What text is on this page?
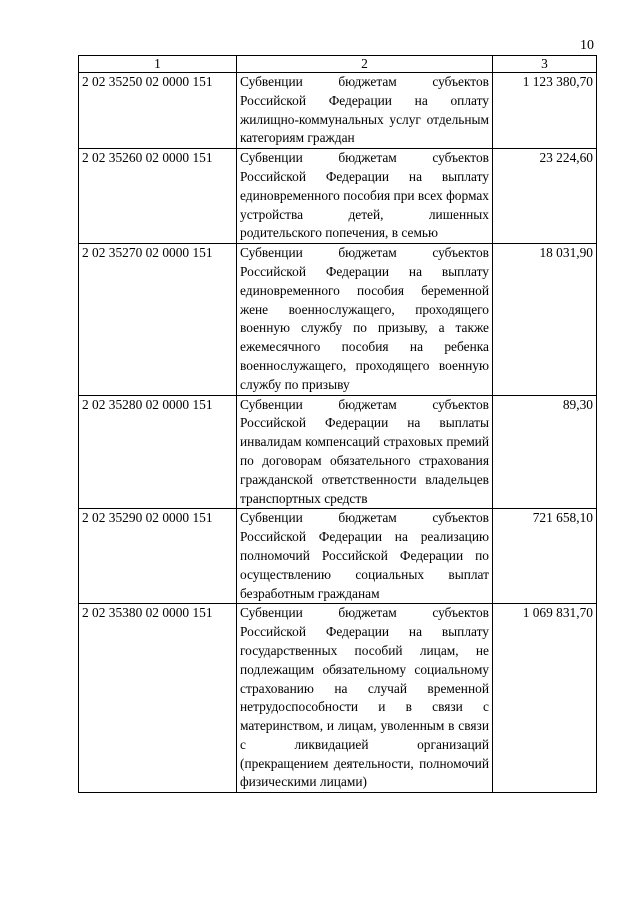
10
1	2	3
2 02 35250 02 0000 151	Субвенции бюджетам субъектов Российской Федерации на оплату жилищно-коммунальных услуг отдельным категориям граждан	1 123 380,70
2 02 35260 02 0000 151	Субвенции бюджетам субъектов Российской Федерации на выплату единовременного пособия при всех формах устройства детей, лишенных родительского попечения, в семью	23 224,60
2 02 35270 02 0000 151	Субвенции бюджетам субъектов Российской Федерации на выплату единовременного пособия беременной жене военнослужащего, проходящего военную службу по призыву, а также ежемесячного пособия на ребенка военнослужащего, проходящего военную службу по призыву	18 031,90
2 02 35280 02 0000 151	Субвенции бюджетам субъектов Российской Федерации на выплаты инвалидам компенсаций страховых премий по договорам обязательного страхования гражданской ответственности владельцев транспортных средств	89,30
2 02 35290 02 0000 151	Субвенции бюджетам субъектов Российской Федерации на реализацию полномочий Российской Федерации по осуществлению социальных выплат безработным гражданам	721 658,10
2 02 35380 02 0000 151	Субвенции бюджетам субъектов Российской Федерации на выплату государственных пособий лицам, не подлежащим обязательному социальному страхованию на случай временной нетрудоспособности и в связи с материнством, и лицам, уволенным в связи с ликвидацией организаций (прекращением деятельности, полномочий физическими лицами)	1 069 831,70
